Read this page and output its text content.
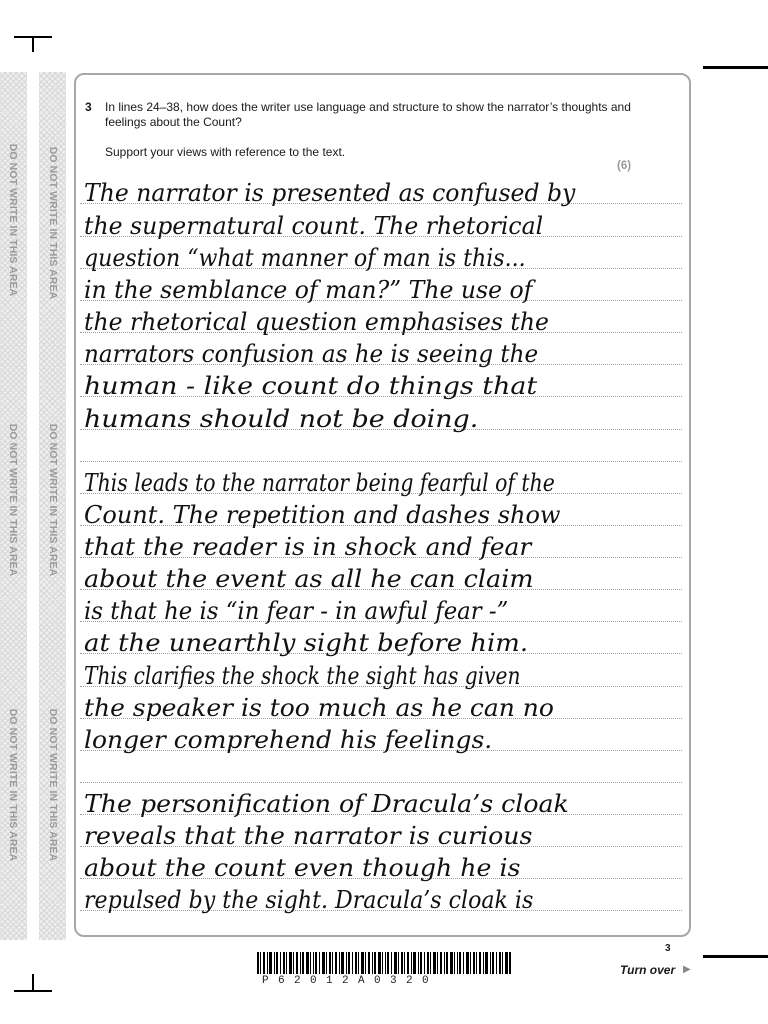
DO NOT WRITE IN THIS AREA
DO NOT WRITE IN THIS AREA
DO NOT WRITE IN THIS AREA
DO NOT WRITE IN THIS AREA
DO NOT WRITE IN THIS AREA
DO NOT WRITE IN THIS AREA
3 In lines 24–38, how does the writer use language and structure to show the narrator’s thoughts and feelings about the Count?
Support your views with reference to the text.
(6)
The narrator is presented as confused by
the supernatural count. The rhetorical
question “what manner of man is this...
in the semblance of man?” The use of
the rhetorical question emphasises the
narrators confusion as he is seeing the
human - like count do things that
humans should not be doing.
This leads to the narrator being fearful of the
Count. The repetition and dashes show
that the reader is in shock and fear
about the event as all he can claim
is that he is “in fear - in awful fear -”
at the unearthly sight before him.
This clarifies the shock the sight has given
the speaker is too much as he can no
longer comprehend his feelings.
The personification of Dracula’s cloak
reveals that the narrator is curious
about the count even though he is
repulsed by the sight. Dracula’s cloak is
3
Turn over ▶
P62012A0320
